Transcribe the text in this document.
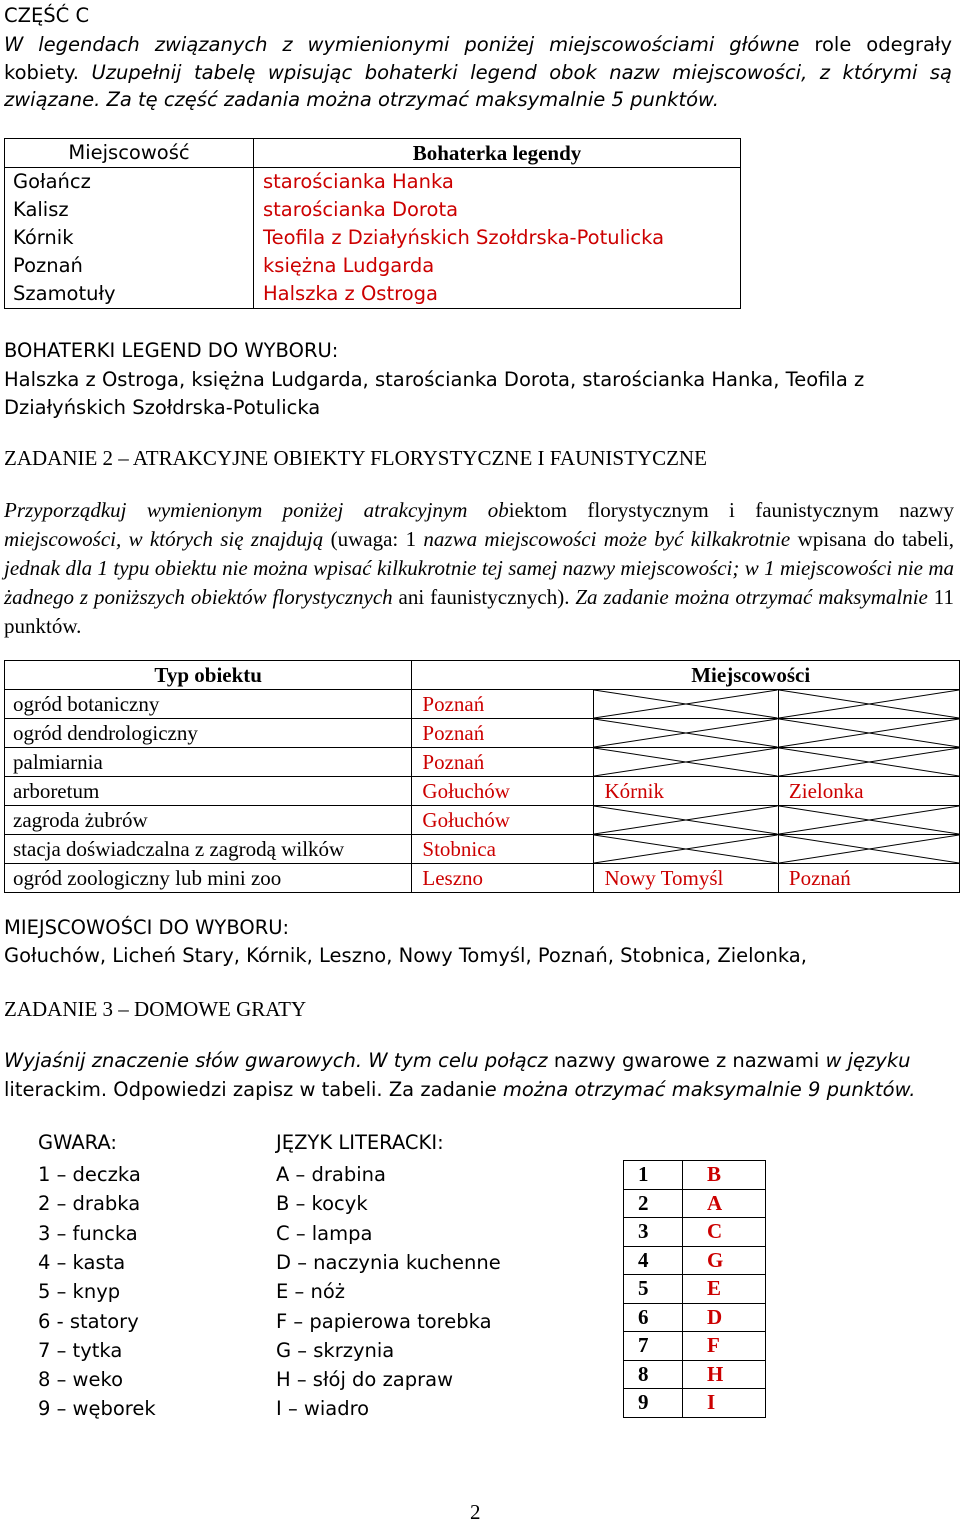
CZĘŚĆ C

W legendach związanych z wymienionymi poniżej miejscowościami główne role odegrały kobiety. Uzupełnij tabelę wpisując bohaterki legend obok nazw miejscowości, z którymi są związane. Za tę część zadania można otrzymać maksymalnie 5 punktów.

Miejscowość	Bohaterka legendy
Gołańcz	starościanka Hanka
Kalisz	starościanka Dorota
Kórnik	Teofila z Działyńskich Szołdrska-Potulicka
Poznań	księżna Ludgarda
Szamotuły	Halszka z Ostroga
BOHATERKI LEGEND DO WYBORU:

Halszka z Ostroga, księżna Ludgarda, starościanka Dorota, starościanka Hanka, Teofila z Działyńskich Szołdrska-Potulicka

ZADANIE 2 – ATRAKCYJNE OBIEKTY FLORYSTYCZNE I FAUNISTYCZNE

Przyporządkuj wymienionym poniżej atrakcyjnym obiektom florystycznym i faunistycznym nazwy miejscowości, w których się znajdują (uwaga: 1 nazwa miejscowości może być kilkakrotnie wpisana do tabeli, jednak dla 1 typu obiektu nie można wpisać kilkukrotnie tej samej nazwy miejscowości; w 1 miejscowości nie ma żadnego z poniższych obiektów florystycznych ani faunistycznych). Za zadanie można otrzymać maksymalnie 11 punktów.

Typ obiektu	Miejscowości		
ogród botaniczny	Poznań	

ogród dendrologiczny	Poznań	

palmiarnia	Poznań	

arboretum	Gołuchów	Kórnik	Zielonka
zagroda żubrów	Gołuchów	

stacja doświadczalna z zagrodą wilków	Stobnica	

ogród zoologiczny lub mini zoo	Leszno	Nowy Tomyśl	Poznań
MIEJSCOWOŚCI DO WYBORU:
Gołuchów, Licheń Stary, Kórnik, Leszno, Nowy Tomyśl, Poznań, Stobnica, Zielonka,
ZADANIE 3 – DOMOWE GRATY

Wyjaśnij znaczenie słów gwarowych. W tym celu połącz nazwy gwarowe z nazwami w języku literackim. Odpowiedzi zapisz w tabeli. Za zadanie można otrzymać maksymalnie 9 punktów.

GWARA:	JĘZYK LITERACKI:
1 – deczka
2 – drabka
3 – funcka
4 – kasta
5 – knyp
6 - statory
7 – tytka
8 – weko
9 – węborek
A – drabina
B – kocyk
C – lampa
D – naczynia kuchenne
E – nóż
F – papierowa torebka
G – skrzynia
H – słój do zapraw
I – wiadro
1	B
2	A
3	C
4	G
5	E
6	D
7	F
8	H
9	I
2
